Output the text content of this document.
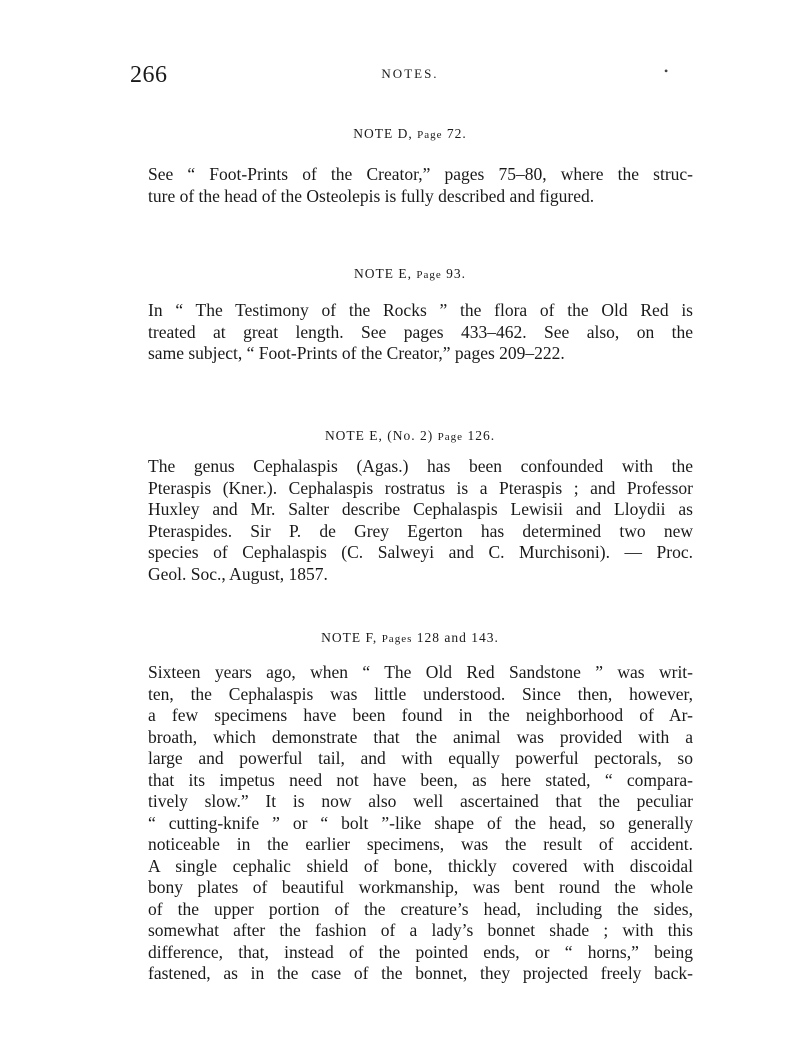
266	NOTES.	•
NOTE D, Page 72.
See “ Foot-Prints of the Creator,” pages 75–80, where the struc-
ture of the head of the Osteolepis is fully described and figured.
NOTE E, Page 93.
In “ The Testimony of the Rocks ” the flora of the Old Red is
treated at great length. See pages 433–462. See also, on the
same subject, “ Foot-Prints of the Creator,” pages 209–222.
NOTE E, (No. 2) Page 126.
The genus Cephalaspis (Agas.) has been confounded with the
Pteraspis (Kner.). Cephalaspis rostratus is a Pteraspis ; and Professor
Huxley and Mr. Salter describe Cephalaspis Lewisii and Lloydii as
Pteraspides. Sir P. de Grey Egerton has determined two new
species of Cephalaspis (C. Salweyi and C. Murchisoni). — Proc.
Geol. Soc., August, 1857.
NOTE F, Pages 128 and 143.
Sixteen years ago, when “ The Old Red Sandstone ” was writ-
ten, the Cephalaspis was little understood. Since then, however,
a few specimens have been found in the neighborhood of Ar-
broath, which demonstrate that the animal was provided with a
large and powerful tail, and with equally powerful pectorals, so
that its impetus need not have been, as here stated, “ compara-
tively slow.” It is now also well ascertained that the peculiar
“ cutting-knife ” or “ bolt ”-like shape of the head, so generally
noticeable in the earlier specimens, was the result of accident.
A single cephalic shield of bone, thickly covered with discoidal
bony plates of beautiful workmanship, was bent round the whole
of the upper portion of the creature’s head, including the sides,
somewhat after the fashion of a lady’s bonnet shade ; with this
difference, that, instead of the pointed ends, or “ horns,” being
fastened, as in the case of the bonnet, they projected freely back-
